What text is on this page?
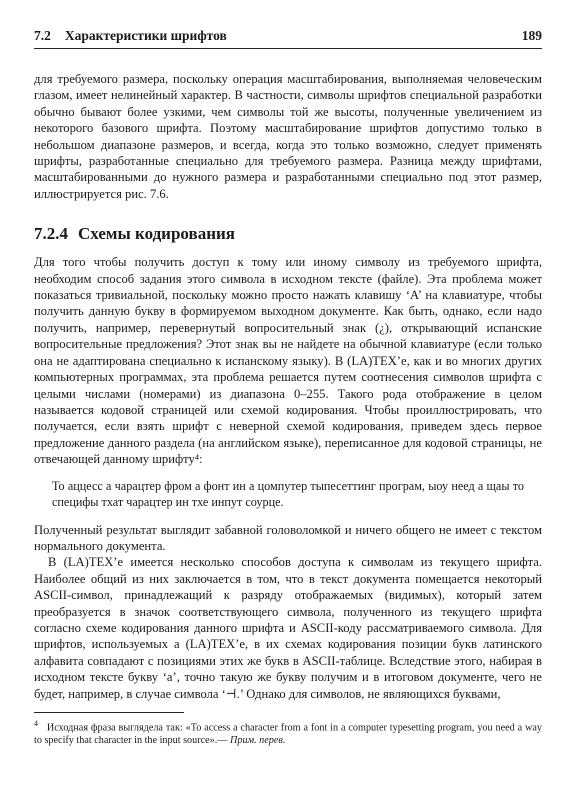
7.2 Характеристики шрифтов	189

для требуемого размера, поскольку операция масштабирования, выполняемая человеческим глазом, имеет нелинейный характер. В частности, символы шрифтов специальной разработки обычно бывают более узкими, чем символы той же высоты, полученные увеличением из некоторого базового шрифта. Поэтому масштабирование шрифтов допустимо только в небольшом диапазоне размеров, и всегда, когда это только возможно, следует применять шрифты, разработанные специально для требуемого размера. Разница между шрифтами, масштабированными до нужного размера и разработанными специально под этот размер, иллюстрируется рис. 7.6.

7.2.4 Схемы кодирования

Для того чтобы получить доступ к тому или иному символу из требуемого шрифта, необходим способ задания этого символа в исходном тексте (файле). Эта проблема может показаться тривиальной, поскольку можно просто нажать клавишу ‘A’ на клавиатуре, чтобы получить данную букву в формируемом выходном документе. Как быть, однако, если надо получить, например, перевернутый вопросительный знак (¿), открывающий испанские вопросительные предложения? Этот знак вы не найдете на обычной клавиатуре (если только она не адаптирована специально к испанскому языку). В (LA)TEX’е, как и во многих других компьютерных программах, эта проблема решается путем соотнесения символов шрифта с целыми числами (номерами) из диапазона 0–255. Такого рода отображение в целом называется кодовой страницей или схемой кодирования. Чтобы проиллюстрировать, что получается, если взять шрифт с неверной схемой кодирования, приведем здесь первое предложение данного раздела (на английском языке), переписанное для кодовой страницы, не отвечающей данному шрифту⁴:

То аццесс а чарацтер фром а фонт ин а цомпутер тыпесеттинг програм, ыоу неед а щаы то специфы тхат чарацтер ин тхе инпут соурце.

Полученный результат выглядит забавной головоломкой и ничего общего не имеет с текстом нормального документа.

В (LA)TEX’е имеется несколько способов доступа к символам из текущего шрифта. Наиболее общий из них заключается в том, что в текст документа помещается некоторый ASCII-символ, принадлежащий к разряду отображаемых (видимых), который затем преобразуется в значок соответствующего символа, полученного из текущего шрифта согласно схеме кодирования данного шрифта и ASCII-коду рассматриваемого символа. Для шрифтов, используемых а (LA)TEX’е, в их схемах кодирования позиции букв латинского алфавита совпадают с позициями этих же букв в ASCII-таблице. Вследствие этого, набирая в исходном тексте букву ‘a’, точно такую же букву получим и в итоговом документе, чего не будет, например, в случае символа ‘⊣.’ Однако для символов, не являющихся буквами,

$^4$ Исходная фраза выглядела так: «To access a character from a font in a computer typesetting program, you need a way to specify that character in the input source».— Прим. перев.
